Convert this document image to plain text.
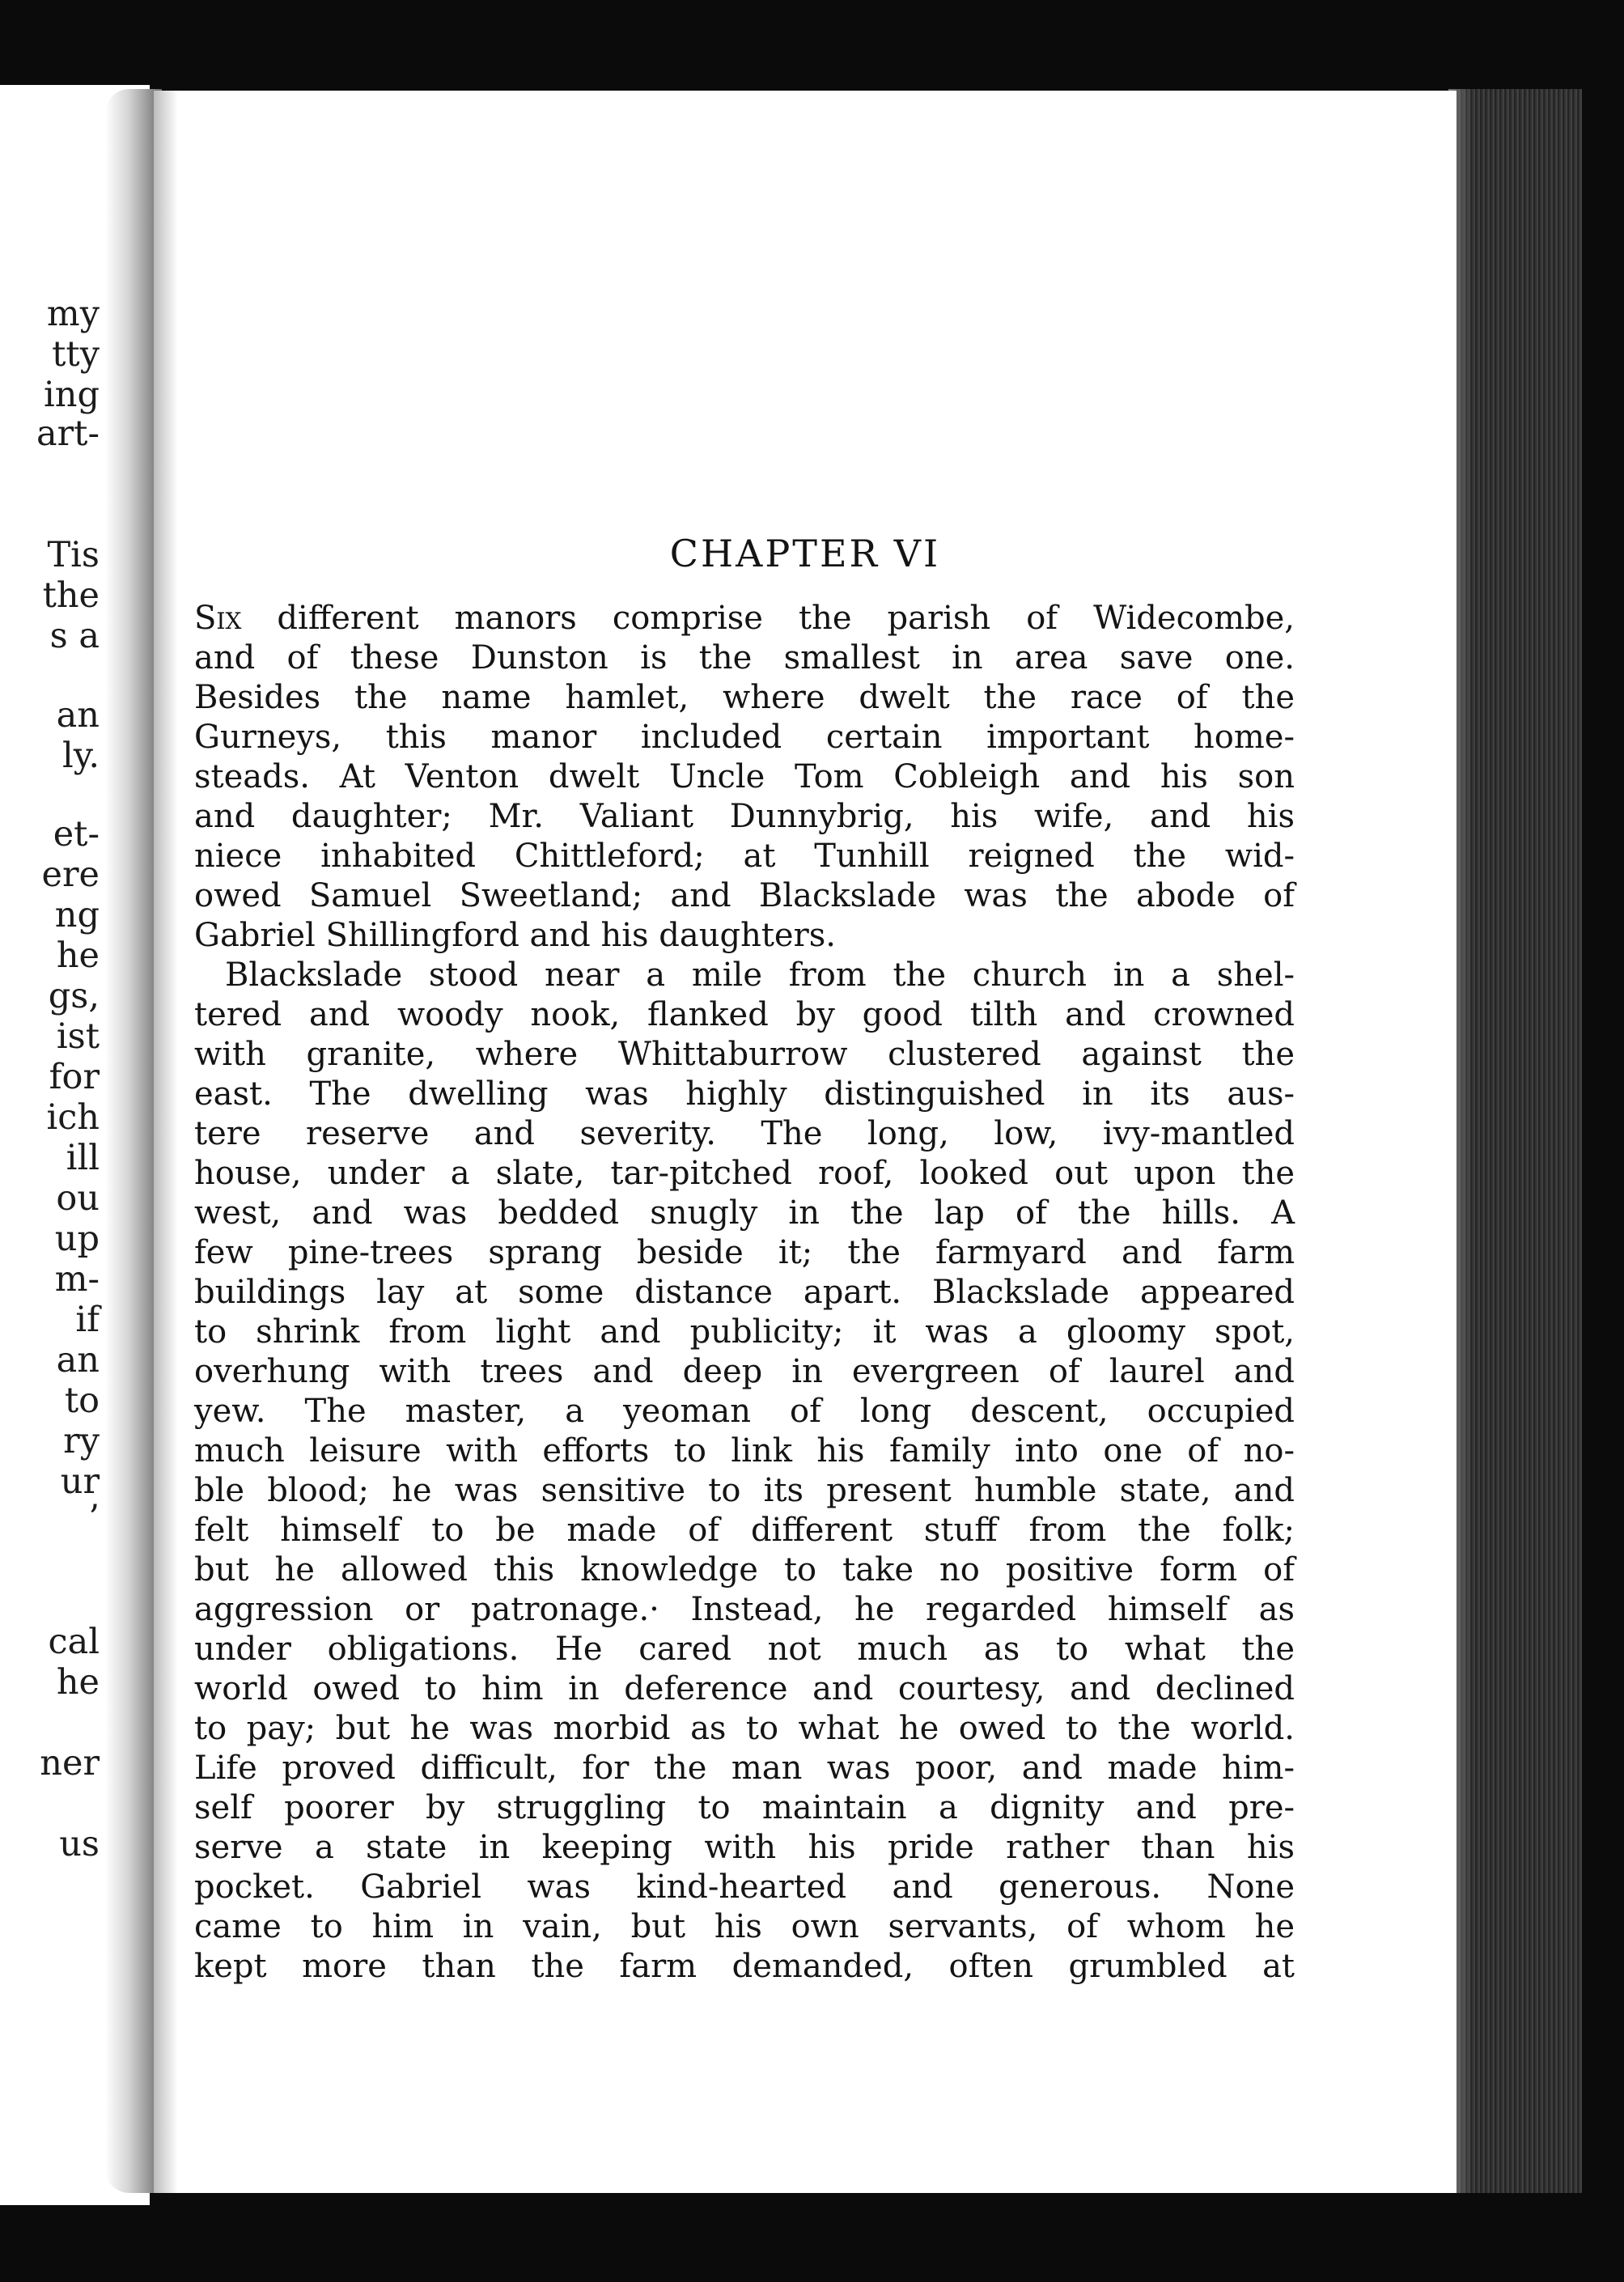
my
tty
ing
art-
Tis
the
s a
an
ly.
et-
ere
ng
he
gs,
ist
for
ich
ill
ou
up
m-
if
an
to
ry
ur
’
cal
he
ner
us
CHAPTER VI
Six different manors comprise the parish of Widecombe,
and of these Dunston is the smallest in area save one.
Besides the name hamlet, where dwelt the race of the
Gurneys, this manor included certain important home-
steads. At Venton dwelt Uncle Tom Cobleigh and his son
and daughter; Mr. Valiant Dunnybrig, his wife, and his
niece inhabited Chittleford; at Tunhill reigned the wid-
owed Samuel Sweetland; and Blackslade was the abode of
Gabriel Shillingford and his daughters.
Blackslade stood near a mile from the church in a shel-
tered and woody nook, flanked by good tilth and crowned
with granite, where Whittaburrow clustered against the
east. The dwelling was highly distinguished in its aus-
tere reserve and severity. The long, low, ivy-mantled
house, under a slate, tar-pitched roof, looked out upon the
west, and was bedded snugly in the lap of the hills. A
few pine-trees sprang beside it; the farmyard and farm
buildings lay at some distance apart. Blackslade appeared
to shrink from light and publicity; it was a gloomy spot,
overhung with trees and deep in evergreen of laurel and
yew. The master, a yeoman of long descent, occupied
much leisure with efforts to link his family into one of no-
ble blood; he was sensitive to its present humble state, and
felt himself to be made of different stuff from the folk;
but he allowed this knowledge to take no positive form of
aggression or patronage.· Instead, he regarded himself as
under obligations. He cared not much as to what the
world owed to him in deference and courtesy, and declined
to pay; but he was morbid as to what he owed to the world.
Life proved difficult, for the man was poor, and made him-
self poorer by struggling to maintain a dignity and pre-
serve a state in keeping with his pride rather than his
pocket. Gabriel was kind-hearted and generous. None
came to him in vain, but his own servants, of whom he
kept more than the farm demanded, often grumbled at
